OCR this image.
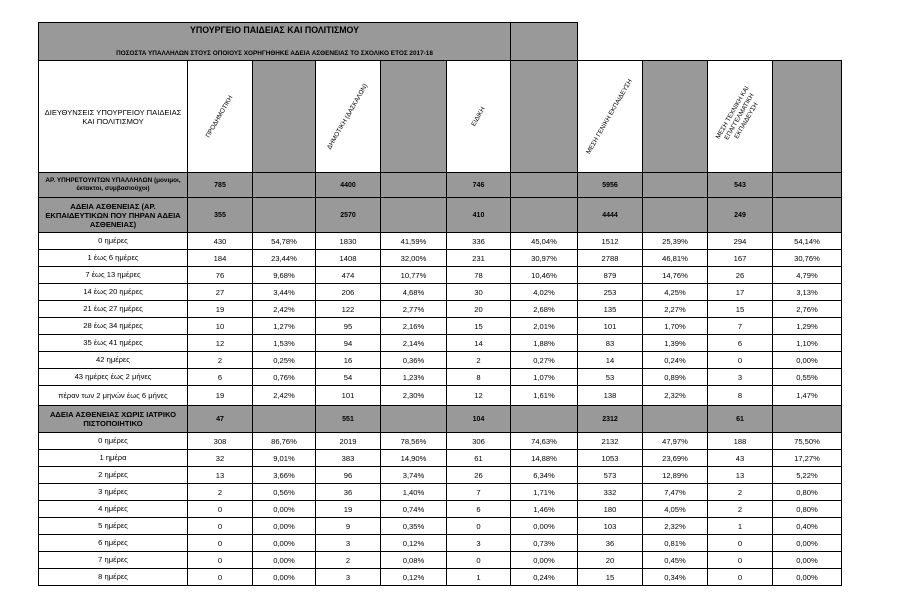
ΥΠΟΥΡΓΕΙΟ ΠΑΙΔΕΙΑΣ ΚΑΙ ΠΟΛΙΤΙΣΜΟΥ										
ΠΟΣΟΣΤΑ ΥΠΑΛΛΗΛΩΝ ΣΤΟΥΣ ΟΠΟΙΟΥΣ ΧΟΡΗΓΗΘΗΚΕ ΑΔΕΙΑ ΑΣΘΕΝΕΙΑΣ ΤΟ ΣΧΟΛΙΚΟ ΕΤΟΣ 2017-18										
ΔΙΕΥΘΥΝΣΕΙΣ ΥΠΟΥΡΓΕΙΟΥ ΠΑΙΔΕΙΑΣ ΚΑΙ ΠΟΛΙΤΙΣΜΟΥ	ΠΡΟΔΗΜΟΤΙΚΗ		ΔΗΜΟΤΙΚΗ (ΔΑΣΚΑΛΩΝ)		ΕΙΔΙΚΗ		ΜΕΣΗ ΓΕΝΙΚΗ ΕΚΠΑΙΔΕΥΣΗ		ΜΕΣΗ ΤΕΧΝΙΚΗ ΚΑΙ ΕΠΑΓΓΕΛΜΑΤΙΚΗ ΕΚΠΑΙΔΕΥΣΗ	

ΑΡ. ΥΠΗΡΕΤΟΥΝΤΩΝ ΥΠΑΛΛΗΛΩΝ (μονιμοι, έκτακτοι, συμβασιούχοι)	785		4400		746		5956		543	
ΑΔΕΙΑ ΑΣΘΕΝΕΙΑΣ (ΑΡ. ΕΚΠΑΙΔΕΥΤΙΚΩΝ ΠΟΥ ΠΗΡΑΝ ΑΔΕΙΑ ΑΣΘΕΝΕΙΑΣ)	355		2570		410		4444		249	
0 ημέρες	430	54,78%	1830	41,59%	336	45,04%	1512	25,39%	294	54,14%
1 έως 6 ημέρες	184	23,44%	1408	32,00%	231	30,97%	2788	46,81%	167	30,76%
7 έως 13 ημέρες	76	9,68%	474	10,77%	78	10,46%	879	14,76%	26	4,79%
14 έως 20 ημέρες	27	3,44%	206	4,68%	30	4,02%	253	4,25%	17	3,13%
21 έως 27 ημέρες	19	2,42%	122	2,77%	20	2,68%	135	2,27%	15	2,76%
28 έως 34 ημέρες	10	1,27%	95	2,16%	15	2,01%	101	1,70%	7	1,29%
35 έως 41 ημέρες	12	1,53%	94	2,14%	14	1,88%	83	1,39%	6	1,10%
42 ημέρες	2	0,25%	16	0,36%	2	0,27%	14	0,24%	0	0,00%
43 ημέρες έως 2 μήνες	6	0,76%	54	1,23%	8	1,07%	53	0,89%	3	0,55%
πέραν των 2 μηνών έως 6 μήνες	19	2,42%	101	2,30%	12	1,61%	138	2,32%	8	1,47%
ΑΔΕΙΑ ΑΣΘΕΝΕΙΑΣ ΧΩΡΙΣ ΙΑΤΡΙΚΟ ΠΙΣΤΟΠΟΙΗΤΙΚΟ	47		551		104		2312		61	
0 ημέρες	308	86,76%	2019	78,56%	306	74,63%	2132	47,97%	188	75,50%
1 ημέρα	32	9,01%	383	14,90%	61	14,88%	1053	23,69%	43	17,27%
2 ημέρες	13	3,66%	96	3,74%	26	6,34%	573	12,89%	13	5,22%
3 ημέρες	2	0,56%	36	1,40%	7	1,71%	332	7,47%	2	0,80%
4 ημέρες	0	0,00%	19	0,74%	6	1,46%	180	4,05%	2	0,80%
5 ημέρες	0	0,00%	9	0,35%	0	0,00%	103	2,32%	1	0,40%
6 ημέρες	0	0,00%	3	0,12%	3	0,73%	36	0,81%	0	0,00%
7 ημέρες	0	0,00%	2	0,08%	0	0,00%	20	0,45%	0	0,00%
8 ημέρες	0	0,00%	3	0,12%	1	0,24%	15	0,34%	0	0,00%
